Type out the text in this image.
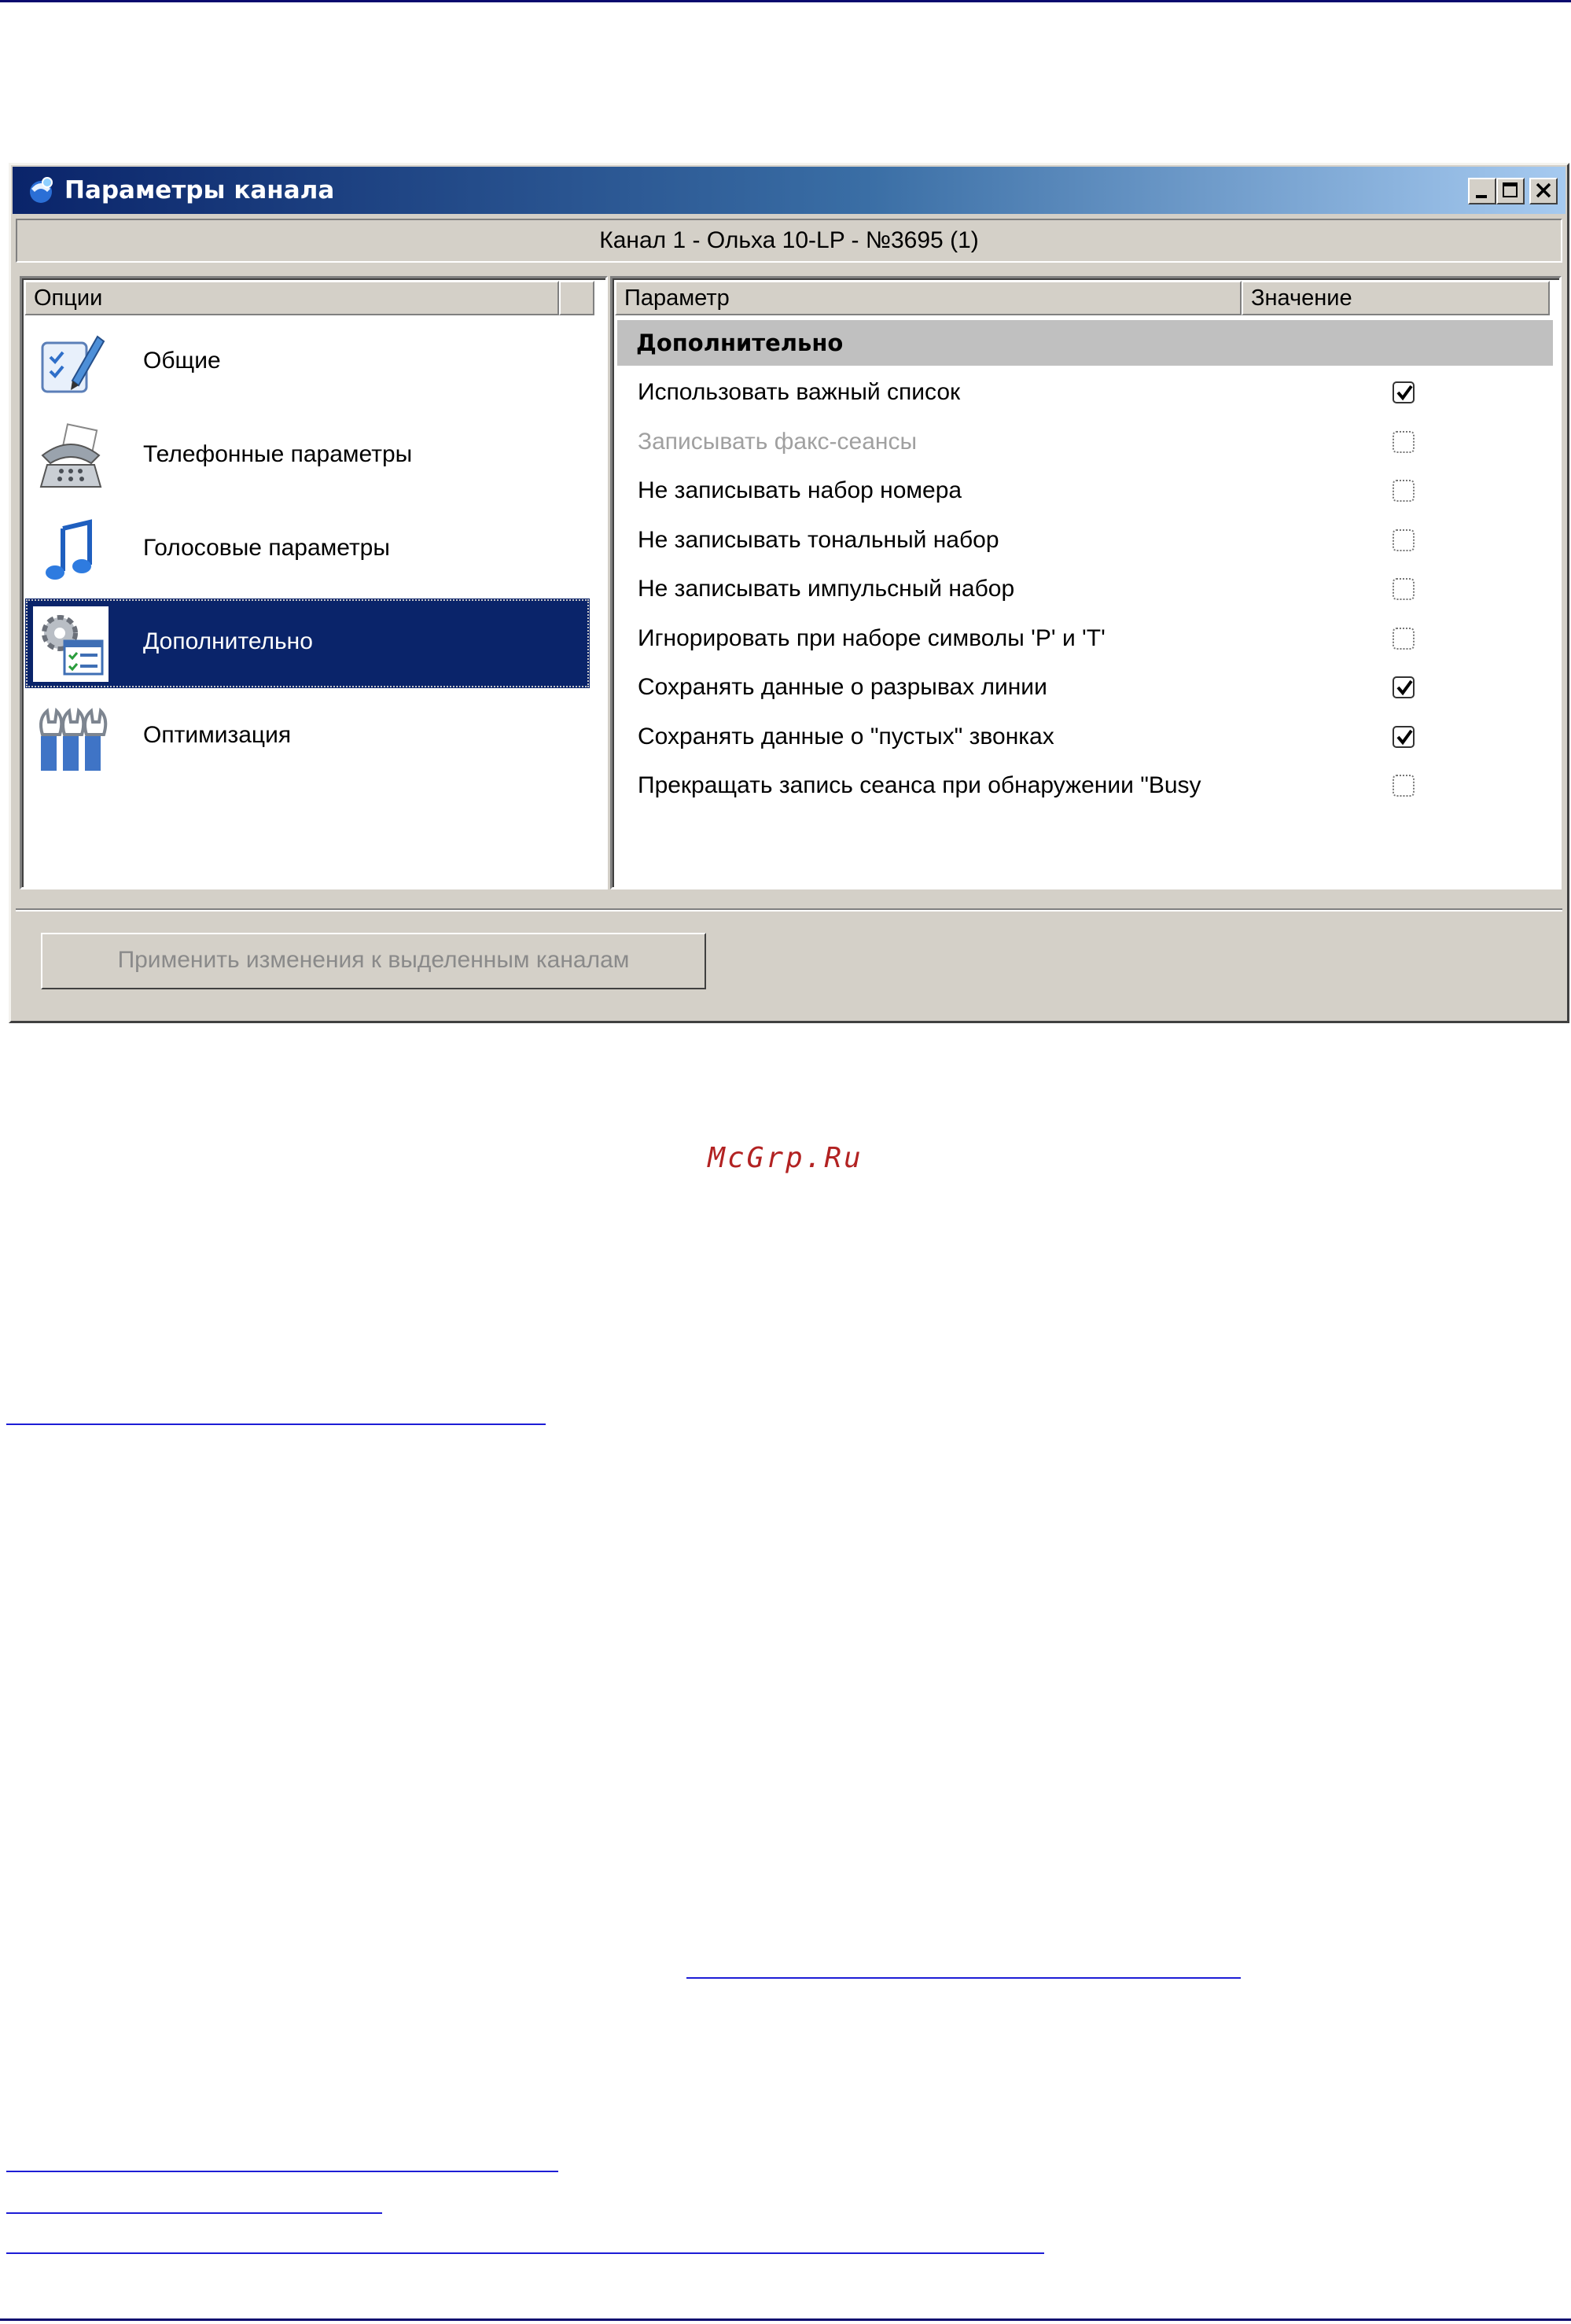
Параметры канала
Канал 1 - Ольха 10-LP - №3695 (1)
Опции
Общие
Телефонные параметры
Голосовые параметры
Дополнительно
Оптимизация
Параметр	Значение
Дополнительно
Использовать важный список
Записывать факс-сеансы
Не записывать набор номера
Не записывать тональный набор
Не записывать импульсный набор
Игнорировать при наборе символы 'P' и 'T'
Сохранять данные о разрывах линии
Сохранять данные о "пустых" звонках
Прекращать запись сеанса при обнаружении "Busy
Применить изменения к выделенным каналам
McGrp.Ru
